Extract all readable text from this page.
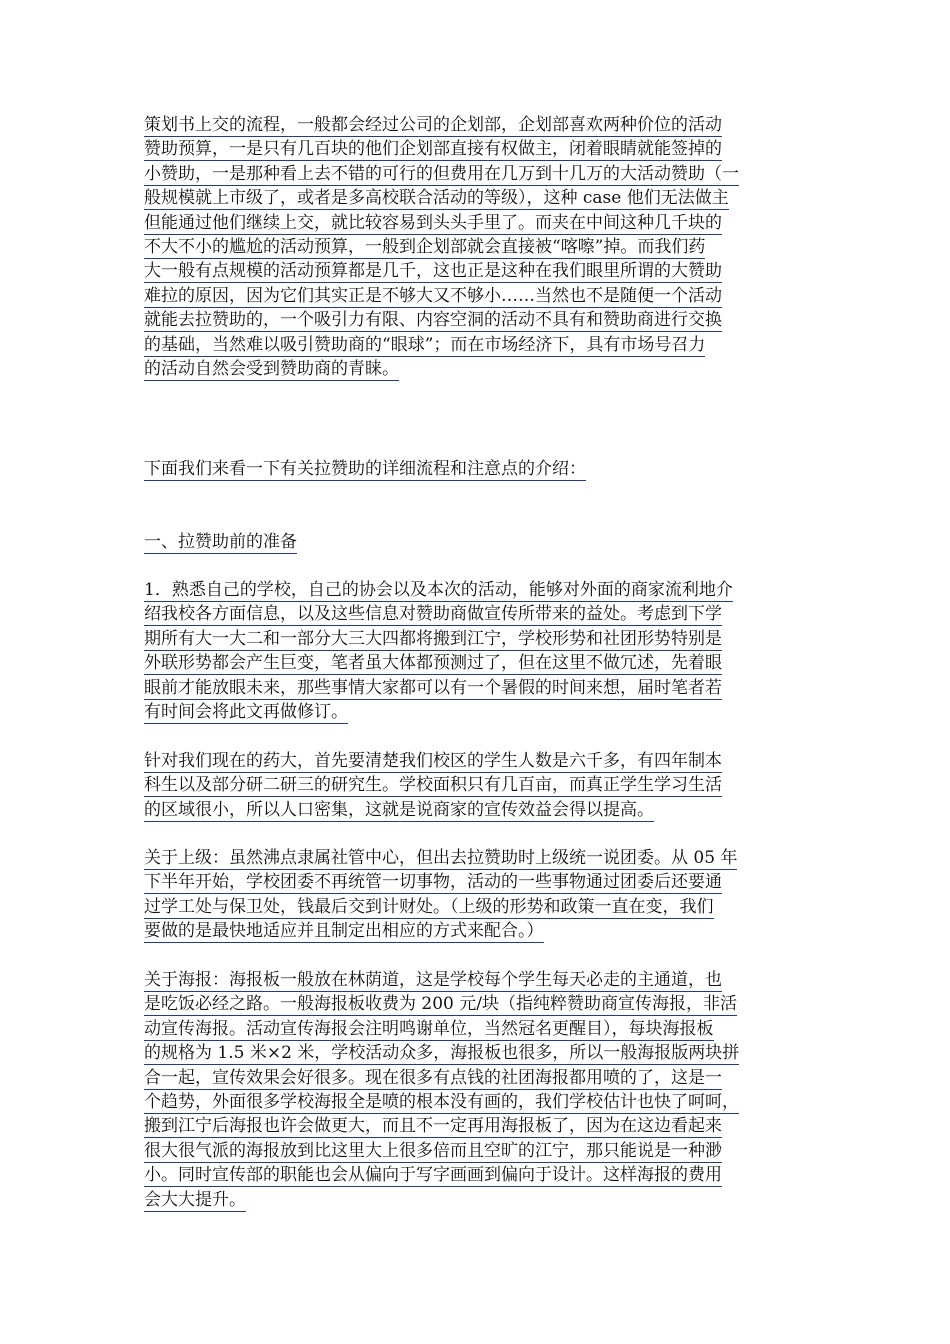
策划书上交的流程，一般都会经过公司的企划部，企划部喜欢两种价位的活动
赞助预算，一是只有几百块的他们企划部直接有权做主，闭着眼睛就能签掉的
小赞助，一是那种看上去不错的可行的但费用在几万到十几万的大活动赞助（一
般规模就上市级了，或者是多高校联合活动的等级），这种 case 他们无法做主
但能通过他们继续上交，就比较容易到头头手里了。而夹在中间这种几千块的
不大不小的尴尬的活动预算，一般到企划部就会直接被“喀嚓”掉。而我们药
大一般有点规模的活动预算都是几千，这也正是这种在我们眼里所谓的大赞助
难拉的原因，因为它们其实正是不够大又不够小……当然也不是随便一个活动
就能去拉赞助的，一个吸引力有限、内容空洞的活动不具有和赞助商进行交换
的基础，当然难以吸引赞助商的“眼球”；而在市场经济下，具有市场号召力
的活动自然会受到赞助商的青睐。
下面我们来看一下有关拉赞助的详细流程和注意点的介绍：
一、拉赞助前的准备
1．熟悉自己的学校，自己的协会以及本次的活动，能够对外面的商家流利地介
绍我校各方面信息，以及这些信息对赞助商做宣传所带来的益处。考虑到下学
期所有大一大二和一部分大三大四都将搬到江宁，学校形势和社团形势特别是
外联形势都会产生巨变，笔者虽大体都预测过了，但在这里不做冗述，先着眼
眼前才能放眼未来，那些事情大家都可以有一个暑假的时间来想，届时笔者若
有时间会将此文再做修订。
针对我们现在的药大，首先要清楚我们校区的学生人数是六千多，有四年制本
科生以及部分研二研三的研究生。学校面积只有几百亩，而真正学生学习生活
的区域很小，所以人口密集，这就是说商家的宣传效益会得以提高。
关于上级：虽然沸点隶属社管中心，但出去拉赞助时上级统一说团委。从 05 年
下半年开始，学校团委不再统管一切事物，活动的一些事物通过团委后还要通
过学工处与保卫处，钱最后交到计财处。（上级的形势和政策一直在变，我们
要做的是最快地适应并且制定出相应的方式来配合。）
关于海报：海报板一般放在林荫道，这是学校每个学生每天必走的主通道，也
是吃饭必经之路。一般海报板收费为 200 元/块（指纯粹赞助商宣传海报，非活
动宣传海报。活动宣传海报会注明鸣谢单位，当然冠名更醒目），每块海报板
的规格为 1.5 米×2 米，学校活动众多，海报板也很多，所以一般海报版两块拼
合一起，宣传效果会好很多。现在很多有点钱的社团海报都用喷的了，这是一
个趋势，外面很多学校海报全是喷的根本没有画的，我们学校估计也快了呵呵，
搬到江宁后海报也许会做更大，而且不一定再用海报板了，因为在这边看起来
很大很气派的海报放到比这里大上很多倍而且空旷的江宁，那只能说是一种渺
小。同时宣传部的职能也会从偏向于写字画画到偏向于设计。这样海报的费用
会大大提升。
